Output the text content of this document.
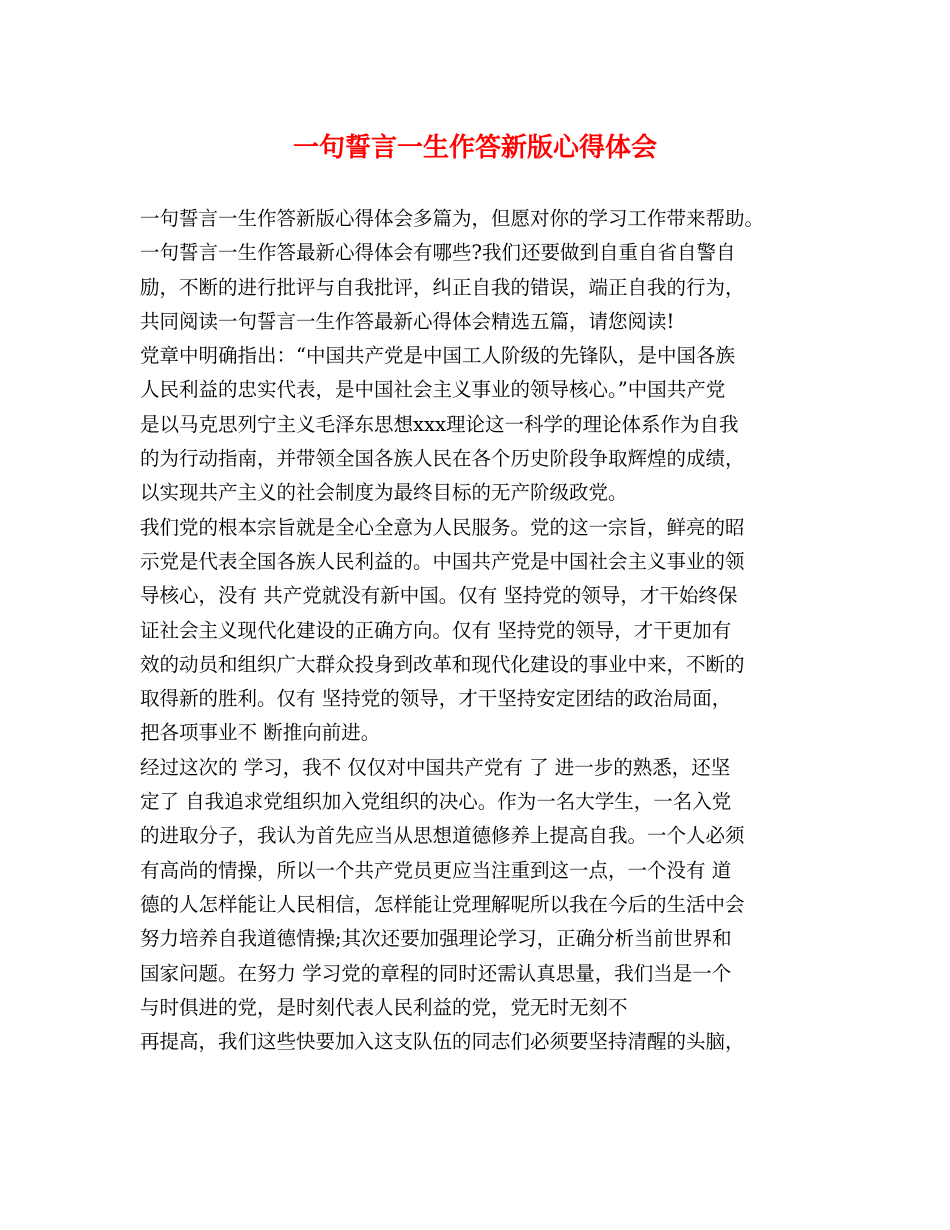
一句誓言一生作答新版心得体会
一句誓言一生作答新版心得体会多篇为，但愿对你的学习工作带来帮助。
一句誓言一生作答最新心得体会有哪些?我们还要做到自重自省自警自
励，不断的进行批评与自我批评，纠正自我的错误，端正自我的行为，
共同阅读一句誓言一生作答最新心得体会精选五篇，请您阅读!
党章中明确指出：“中国共产党是中国工人阶级的先锋队，是中国各族
人民利益的忠实代表，是中国社会主义事业的领导核心。”中国共产党
是以马克思列宁主义毛泽东思想xxx理论这一科学的理论体系作为自我
的为行动指南，并带领全国各族人民在各个历史阶段争取辉煌的成绩，
以实现共产主义的社会制度为最终目标的无产阶级政党。
我们党的根本宗旨就是全心全意为人民服务。党的这一宗旨，鲜亮的昭
示党是代表全国各族人民利益的。中国共产党是中国社会主义事业的领
导核心，没有 共产党就没有新中国。仅有 坚持党的领导，才干始终保
证社会主义现代化建设的正确方向。仅有 坚持党的领导，才干更加有
效的动员和组织广大群众投身到改革和现代化建设的事业中来，不断的
取得新的胜利。仅有 坚持党的领导，才干坚持安定团结的政治局面，
把各项事业不 断推向前进。
经过这次的 学习，我不 仅仅对中国共产党有 了 进一步的熟悉，还坚
定了 自我追求党组织加入党组织的决心。作为一名大学生，一名入党
的进取分子，我认为首先应当从思想道德修养上提高自我。一个人必须
有高尚的情操，所以一个共产党员更应当注重到这一点，一个没有 道
德的人怎样能让人民相信，怎样能让党理解呢所以我在今后的生活中会
努力培养自我道德情操;其次还要加强理论学习，正确分析当前世界和
国家问题。在努力 学习党的章程的同时还需认真思量，我们当是一个
与时俱进的党，是时刻代表人民利益的党，党无时无刻不
再提高，我们这些快要加入这支队伍的同志们必须要坚持清醒的头脑，
